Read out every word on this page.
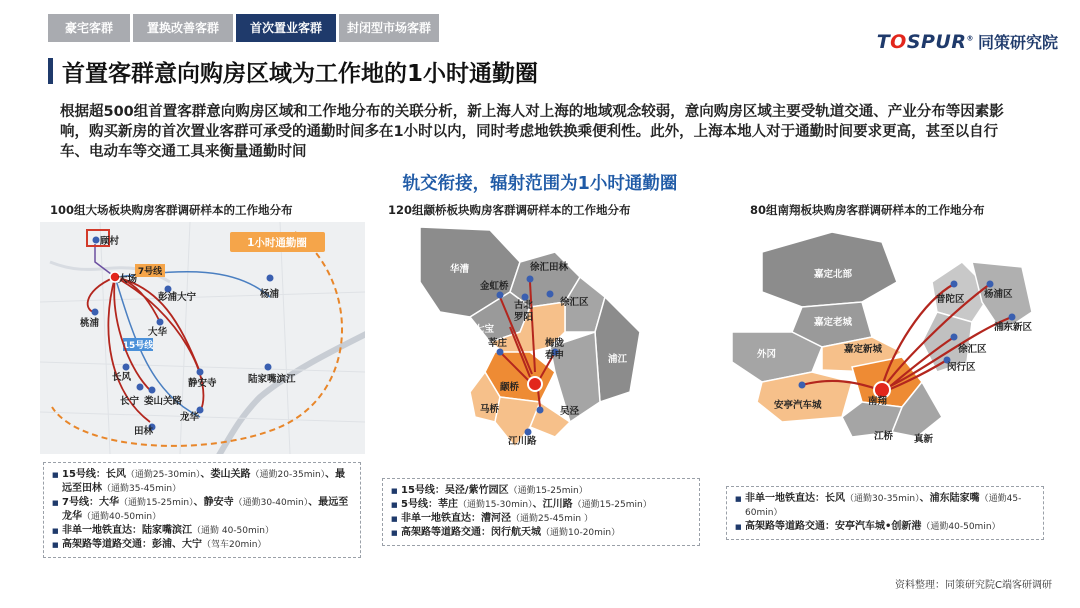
豪宅客群	置换改善客群	首次置业客群	封闭型市场客群
TOSPUR® 同策研究院
首置客群意向购房区域为工作地的1小时通勤圈
根据超500组首置客群意向购房区域和工作地分布的关联分析，新上海人对上海的地域观念较弱，意向购房区域主要受轨道交通、产业分布等因素影响，购买新房的首次置业客群可承受的通勤时间多在1小时以内，同时考虑地铁换乘便利性。此外，上海本地人对于通勤时间要求更高，甚至以自行车、电动车等交通工具来衡量通勤时间
轨交衔接，辐射范围为1小时通勤圈
100组大场板块购房客群调研样本的工作地分布	120组颛桥板块购房客群调研样本的工作地分布	80组南翔板块购房客群调研样本的工作地分布
1小时通勤圈
7号线
15号线
顾村
大场
彭浦大宁	杨浦
桃浦
大华
长风
长宁 娄山关路
静安寺	陆家嘴滨江
龙华
田林
华漕
七宝
浦江
徐汇田林
金虹桥
古北
罗阳
徐汇区
莘庄	梅陇
春申
颛桥
马桥	吴泾
江川路
嘉定北部
嘉定老城
外冈
普陀区 杨浦区
浦东新区
嘉定新城	徐汇区
闵行区
安亭汽车城	南翔
江桥 真新
■ 15号线：长风（通勤25-30min）、娄山关路（通勤20-35min）、最远至田林（通勤35-45min）
■ 7号线：大华（通勤15-25min）、静安寺（通勤30-40min）、最远至龙华（通勤40-50min）
■ 非单一地铁直达：陆家嘴滨江（通勤 40-50min）
■ 高架路等道路交通：彭浦、大宁（驾车20min）
■ 15号线：吴泾/紫竹园区（通勤15-25min）
■ 5号线：莘庄（通勤15-30min）、江川路（通勤15-25min）
■ 非单一地铁直达：漕河泾（通勤25-45min ）
■ 高架路等道路交通：闵行航天城（通勤10-20min）
■ 非单一地铁直达：长风（通勤30-35min）、浦东陆家嘴（通勤45-60min）
■ 高架路等道路交通：安亭汽车城•创新港（通勤40-50min）
资料整理：同策研究院C端客研调研
